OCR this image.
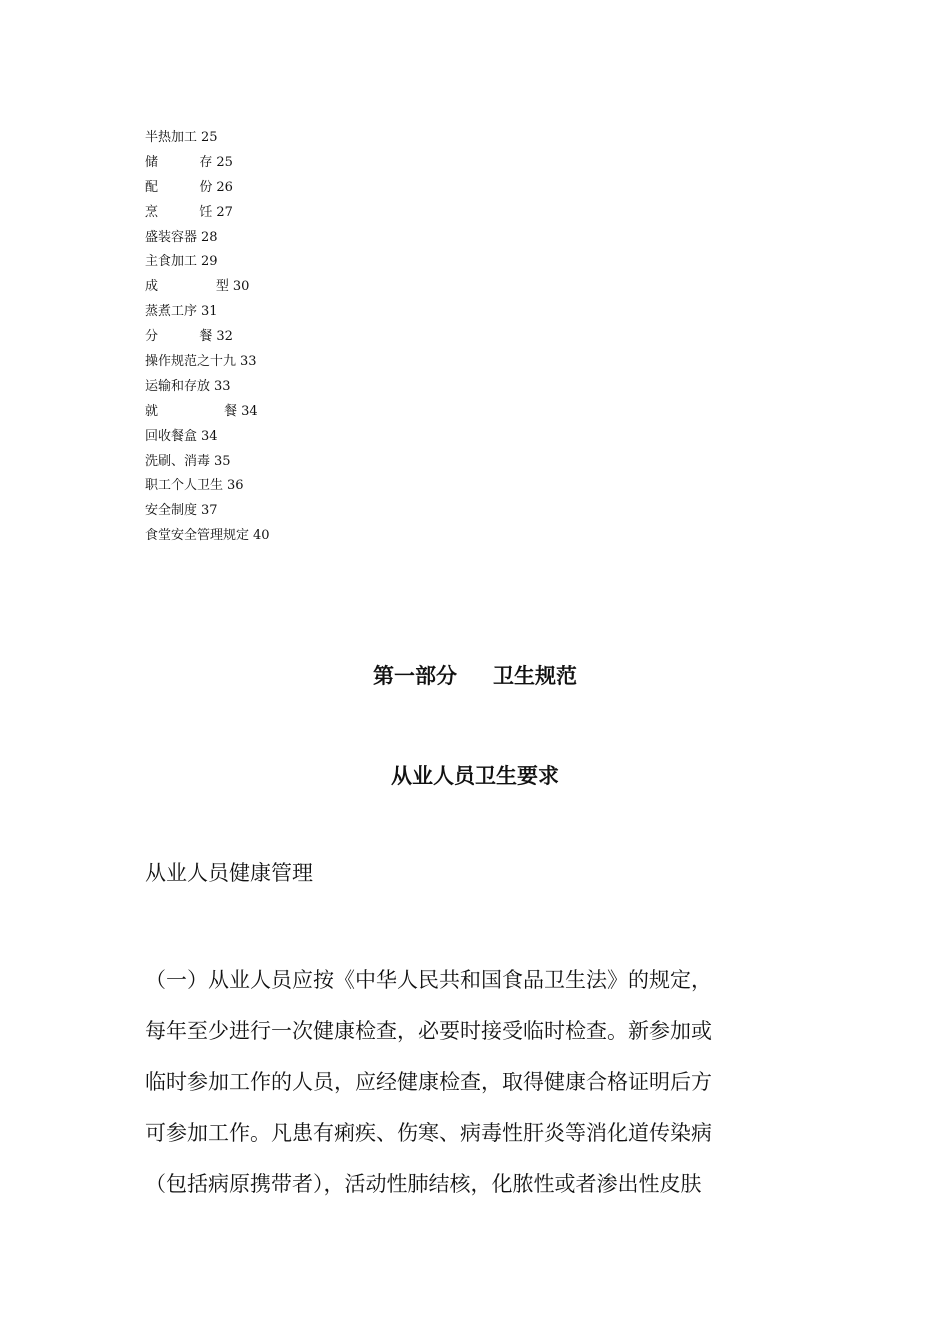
半热加工 25
储          存 25
配          份 26
烹          饪 27
盛装容器 28
主食加工 29
成              型 30
蒸煮工序 31
分          餐 32
操作规范之十九 33
运输和存放 33
就                餐 34
回收餐盒 34
洗刷、消毒 35
职工个人卫生 36
安全制度 37
食堂安全管理规定 40
第一部分 卫生规范
从业人员卫生要求
从业人员健康管理
（一）从业人员应按《中华人民共和国食品卫生法》的规定，
每年至少进行一次健康检查，必要时接受临时检查。新参加或
临时参加工作的人员，应经健康检查，取得健康合格证明后方
可参加工作。凡患有痢疾、伤寒、病毒性肝炎等消化道传染病
（包括病原携带者），活动性肺结核，化脓性或者渗出性皮肤
